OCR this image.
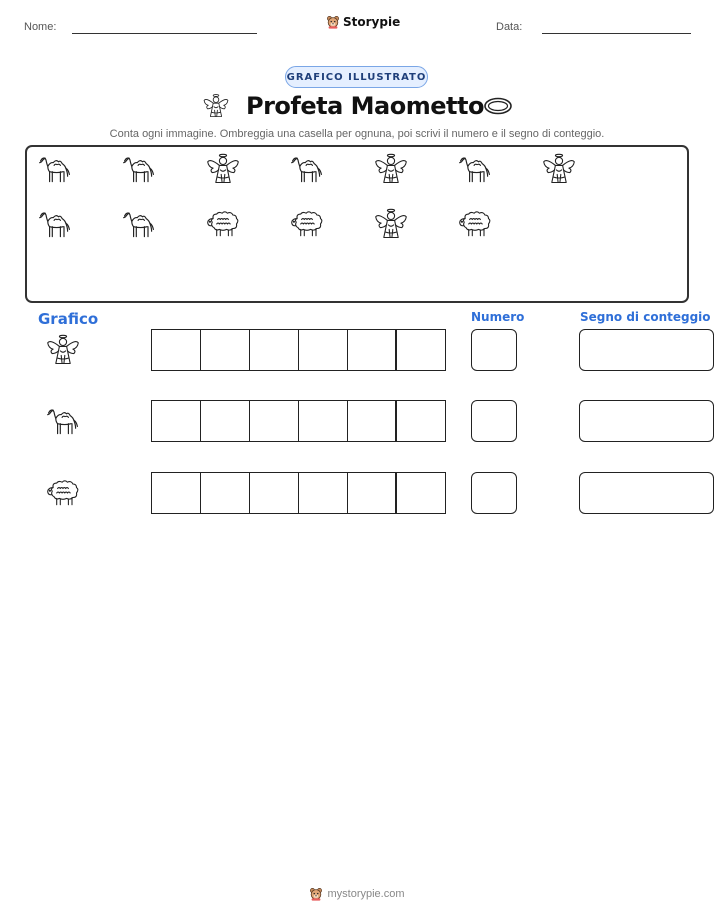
Nome:	Storypie	Data:
GRAFICO ILLUSTRATO
Profeta Maometto
Conta ogni immagine. Ombreggia una casella per ognuna, poi scrivi il numero e il segno di conteggio.
Grafico	Numero	Segno di conteggio
mystorypie.com
